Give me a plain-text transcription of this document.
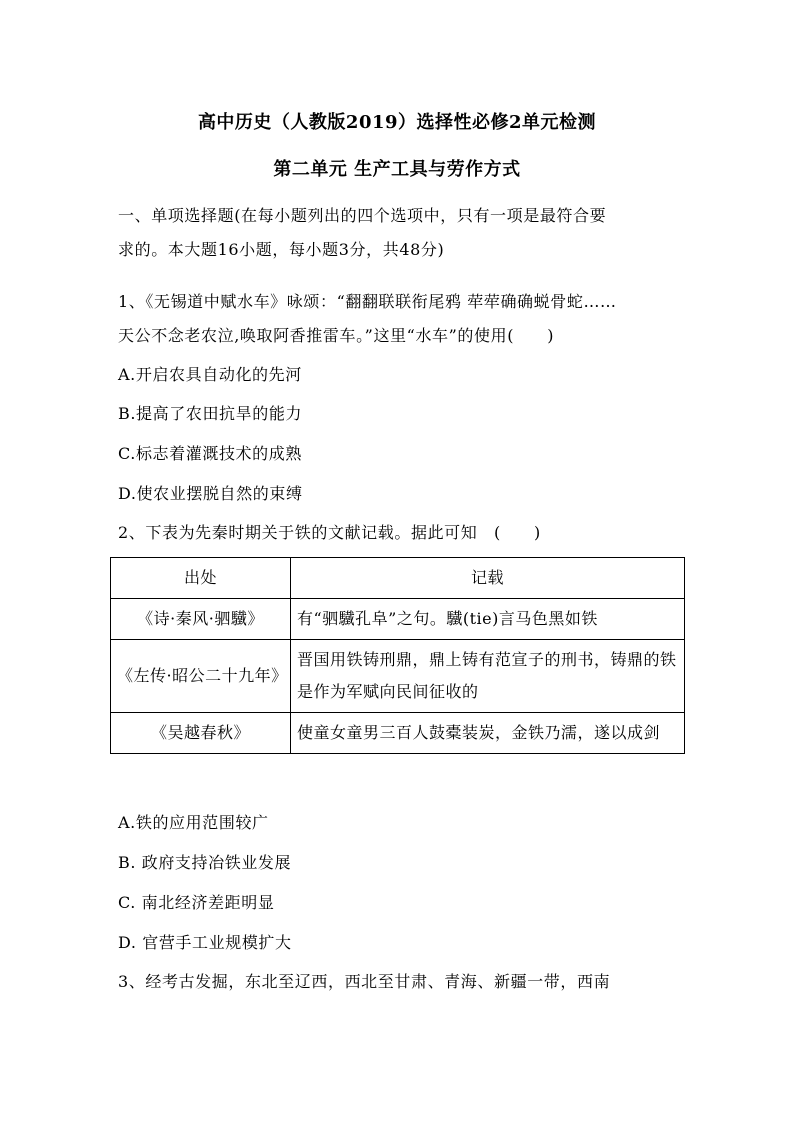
高中历史（人教版2019）选择性必修2单元检测
第二单元 生产工具与劳作方式
一、单项选择题(在每小题列出的四个选项中，只有一项是最符合要
求的。本大题16小题，每小题3分，共48分)
1、《无锡道中赋水车》咏颂：“翻翻联联衔尾鸦 荦荦确确蜕骨蛇……
天公不念老农泣,唤取阿香推雷车。”这里“水车”的使用(　　)
A.开启农具自动化的先河
B.提高了农田抗旱的能力
C.标志着灌溉技术的成熟
D.使农业摆脱自然的束缚
2、下表为先秦时期关于铁的文献记载。据此可知　(　　)
出处	记载
《诗·秦风·驷驖》	有“驷驖孔阜”之句。驖(tie)言马色黑如铁
《左传·昭公二十九年》	晋国用铁铸刑鼎，鼎上铸有范宣子的刑书，铸鼎的铁是作为军赋向民间征收的
《吴越春秋》	使童女童男三百人鼓橐装炭，金铁乃濡，遂以成剑
A.铁的应用范围较广
B. 政府支持冶铁业发展
C. 南北经济差距明显
D. 官营手工业规模扩大
3、经考古发掘，东北至辽西，西北至甘肃、青海、新疆一带，西南
